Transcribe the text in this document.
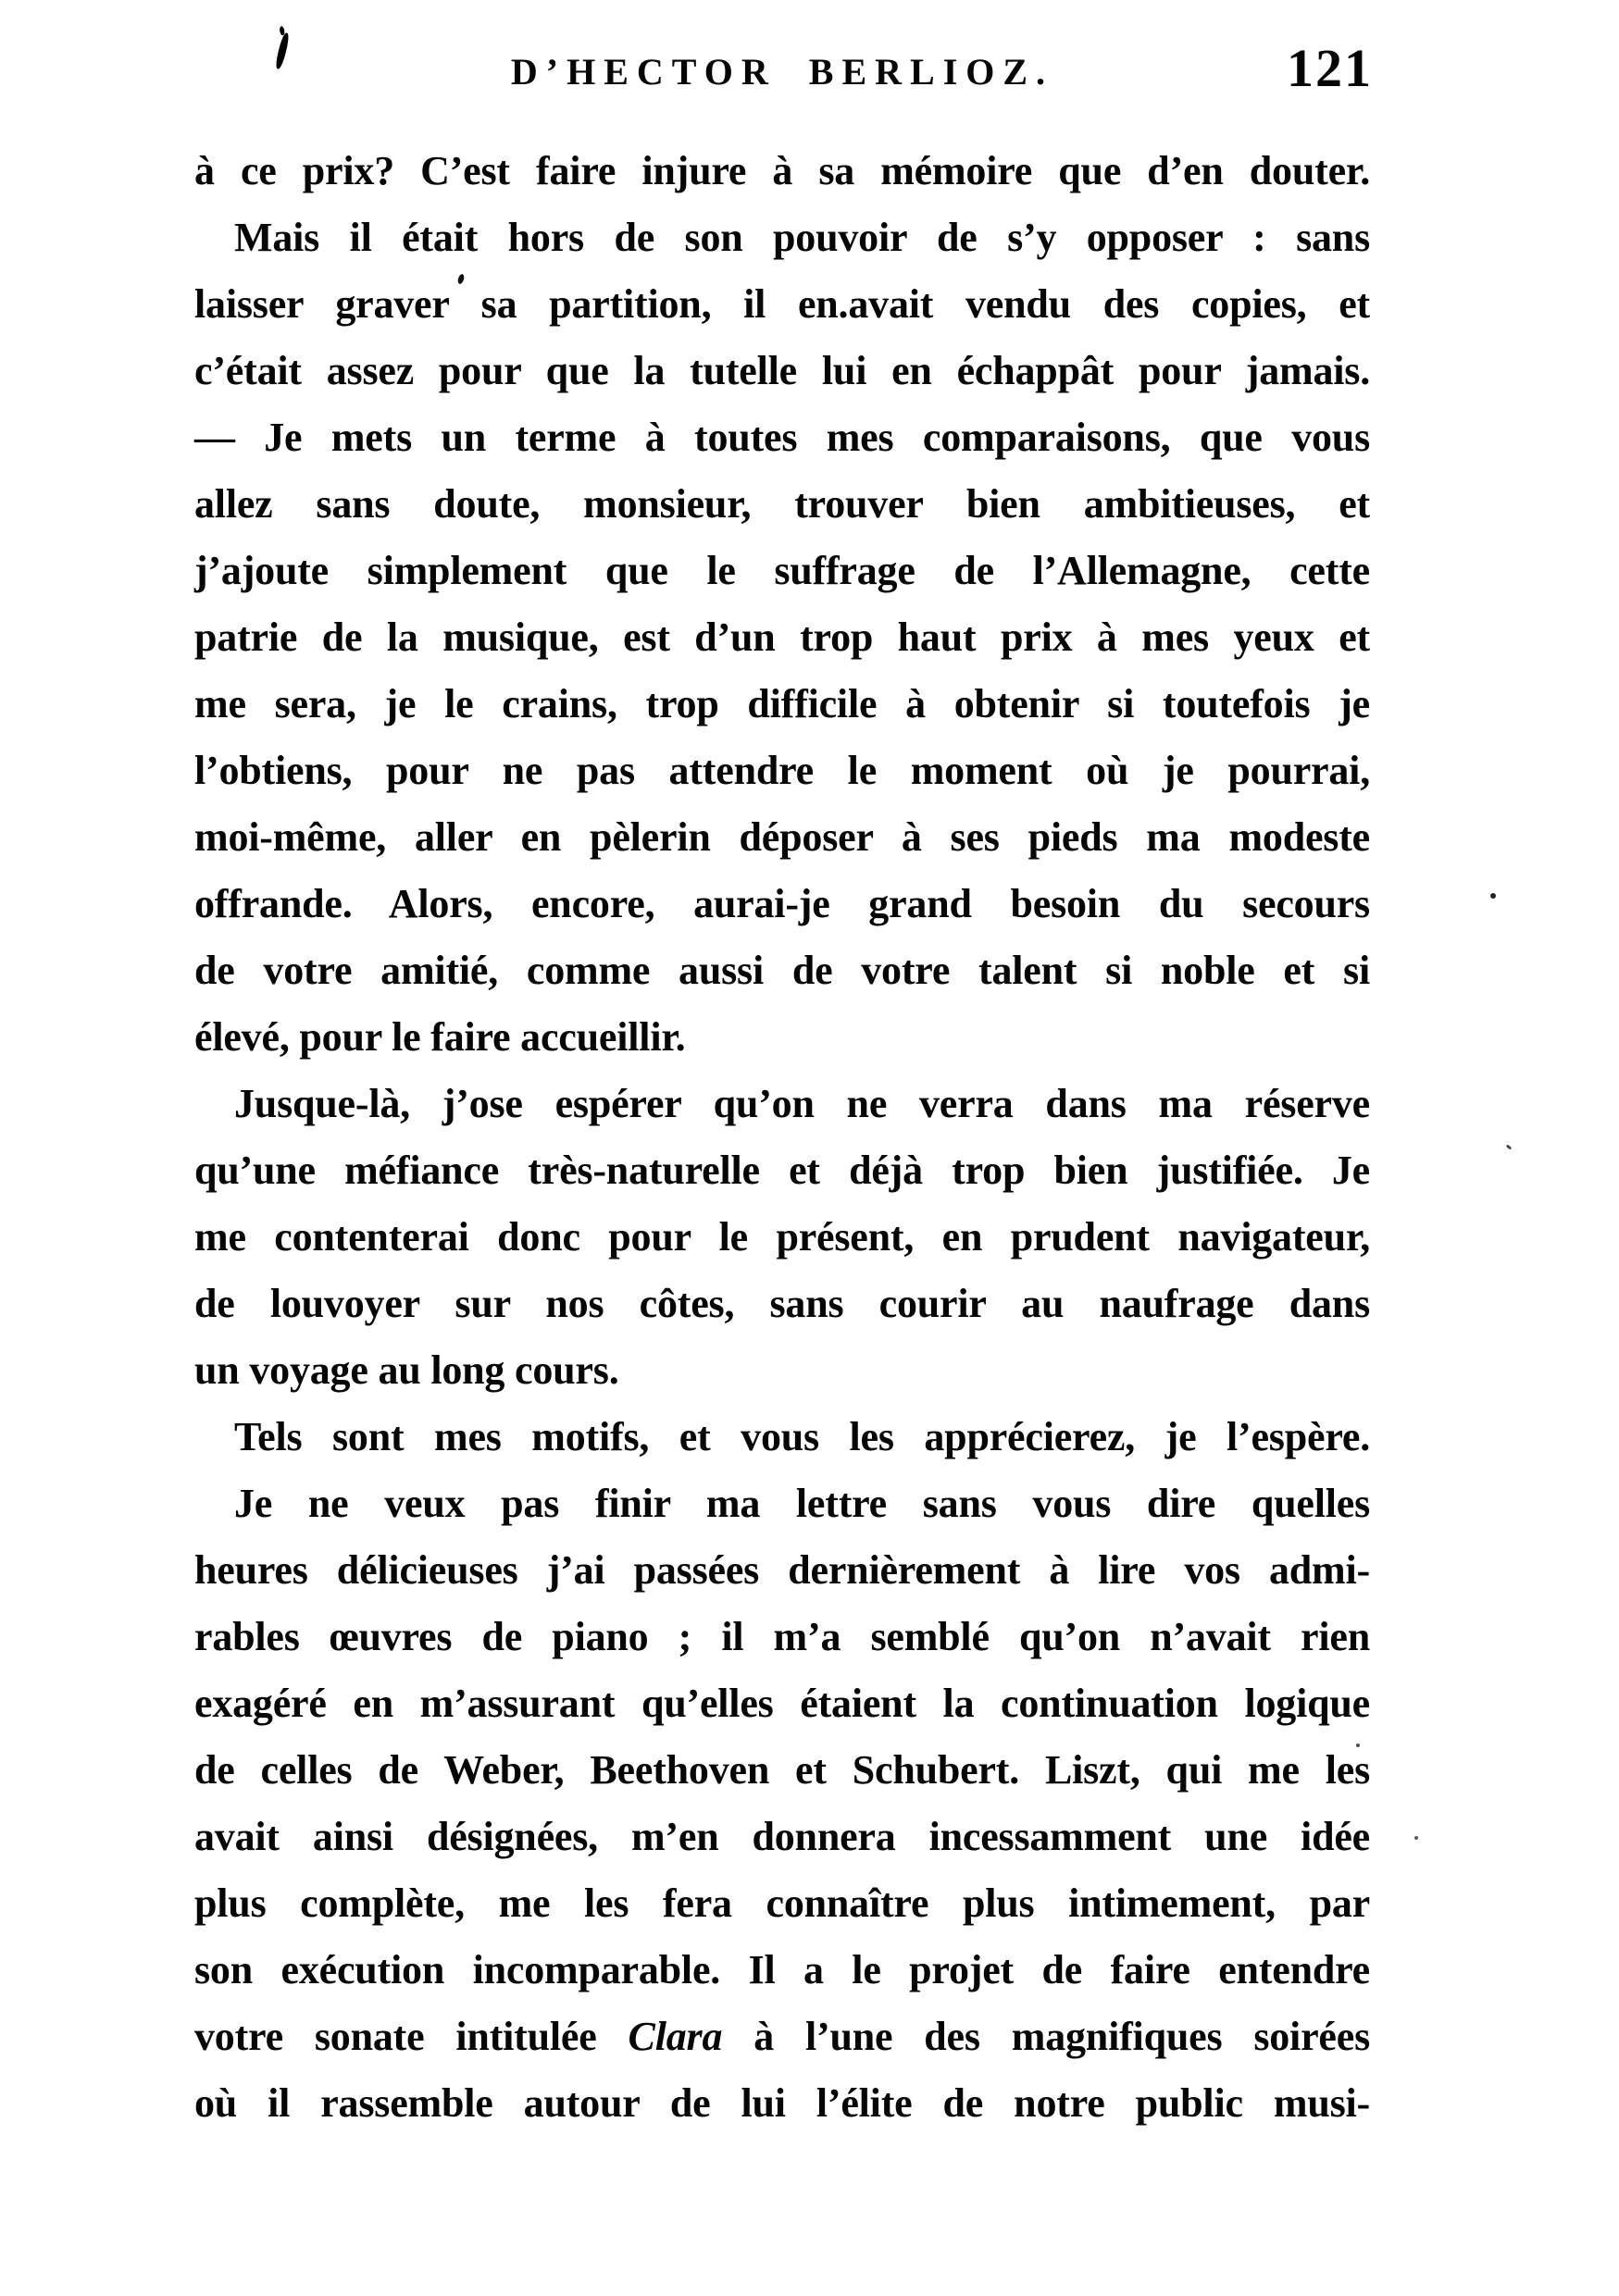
D’HECTOR BERLIOZ.	121
à ce prix? C’est faire injure à sa mémoire que d’en douter.
Mais il était hors de son pouvoir de s’y opposer : sans
laisser graver sa partition, il en.avait vendu des copies, et
c’était assez pour que la tutelle lui en échappât pour jamais.
— Je mets un terme à toutes mes comparaisons, que vous
allez sans doute, monsieur, trouver bien ambitieuses, et
j’ajoute simplement que le suffrage de l’Allemagne, cette
patrie de la musique, est d’un trop haut prix à mes yeux et
me sera, je le crains, trop difficile à obtenir si toutefois je
l’obtiens, pour ne pas attendre le moment où je pourrai,
moi-même, aller en pèlerin déposer à ses pieds ma modeste
offrande. Alors, encore, aurai-je grand besoin du secours
de votre amitié, comme aussi de votre talent si noble et si
élevé, pour le faire accueillir.
Jusque-là, j’ose espérer qu’on ne verra dans ma réserve
qu’une méfiance très-naturelle et déjà trop bien justifiée. Je
me contenterai donc pour le présent, en prudent navigateur,
de louvoyer sur nos côtes, sans courir au naufrage dans
un voyage au long cours.
Tels sont mes motifs, et vous les apprécierez, je l’espère.
Je ne veux pas finir ma lettre sans vous dire quelles
heures délicieuses j’ai passées dernièrement à lire vos admi-
rables œuvres de piano ; il m’a semblé qu’on n’avait rien
exagéré en m’assurant qu’elles étaient la continuation logique
de celles de Weber, Beethoven et Schubert. Liszt, qui me les
avait ainsi désignées, m’en donnera incessamment une idée
plus complète, me les fera connaître plus intimement, par
son exécution incomparable. Il a le projet de faire entendre
votre sonate intitulée Clara à l’une des magnifiques soirées
où il rassemble autour de lui l’élite de notre public musi-
